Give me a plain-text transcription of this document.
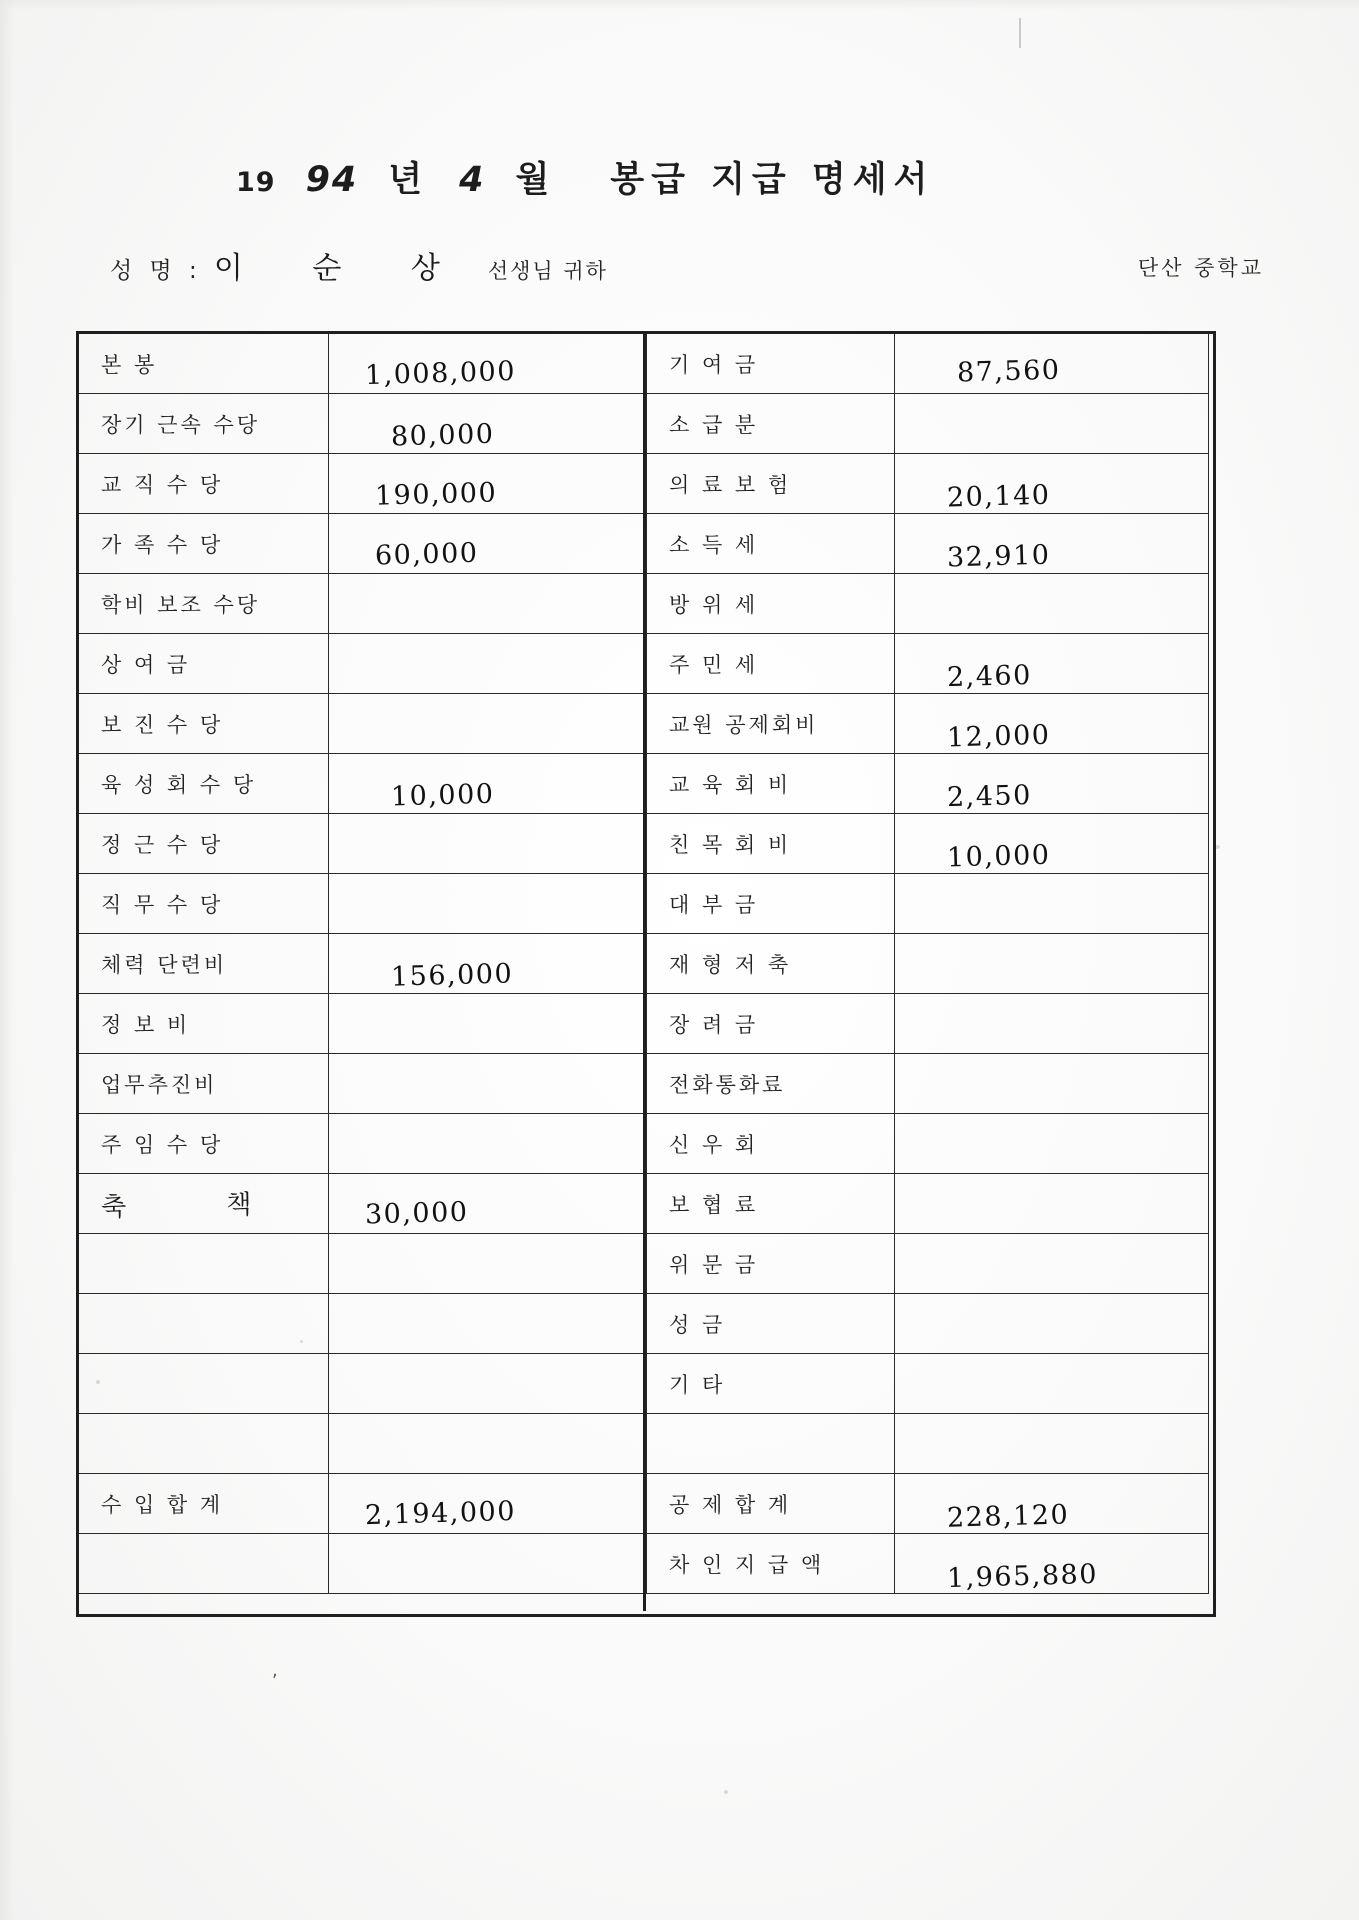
19 94 년 4 월 봉급 지급 명세서
성 명 : 이 순 상 선생님 귀하	단산 중학교
본 봉	1,008,000	기 여 금	87,560
장기 근속 수당	80,000	소 급 분	
교 직 수 당	190,000	의 료 보 험	20,140
가 족 수 당	60,000	소 득 세	32,910
학비 보조 수당		방 위 세	
상 여 금		주 민 세	2,460
보 진 수 당		교원 공제회비	12,000
육 성 회 수 당	10,000	교 육 회 비	2,450
정 근 수 당		친 목 회 비	10,000
직 무 수 당		대 부 금	
체력 단련비	156,000	재 형 저 축	
정 보 비		장 려 금	
업무추진비		전화통화료	
주 임 수 당		신 우 회	
축 책	30,000	보 협 료	
		위 문 금	
		성 금	
		기 타	

수 입 합 계	2,194,000	공 제 합 계	228,120
		차 인 지 급 액	1,965,880
,
